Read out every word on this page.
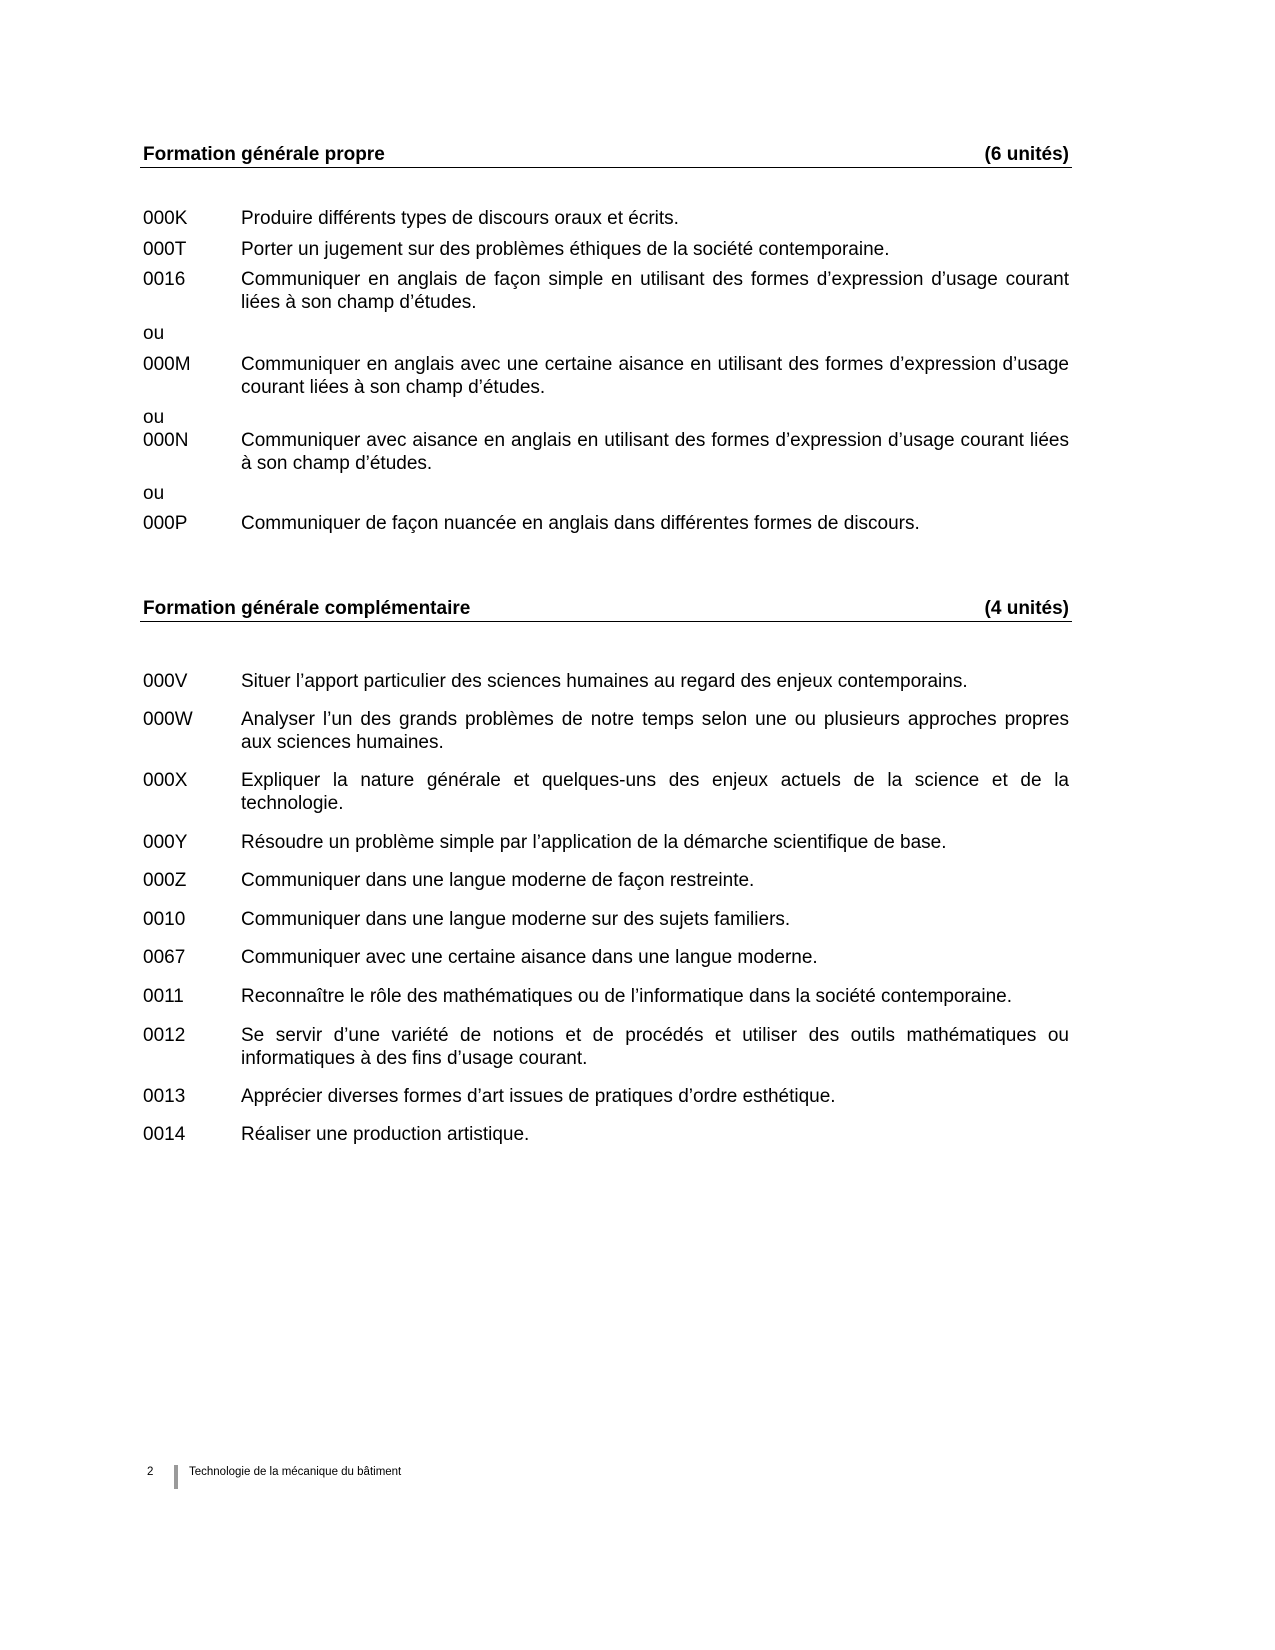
Formation générale propre	(6 unités)
000K	Produire différents types de discours oraux et écrits.
000T	Porter un jugement sur des problèmes éthiques de la société contemporaine.
0016	Communiquer en anglais de façon simple en utilisant des formes d’expression d’usage courant liées à son champ d’études.
ou
000M	Communiquer en anglais avec une certaine aisance en utilisant des formes d’expression d’usage courant liées à son champ d’études.
ou
000N	Communiquer avec aisance en anglais en utilisant des formes d’expression d’usage courant liées à son champ d’études.
ou
000P	Communiquer de façon nuancée en anglais dans différentes formes de discours.
Formation générale complémentaire	(4 unités)
000V	Situer l’apport particulier des sciences humaines au regard des enjeux contemporains.
000W	Analyser l’un des grands problèmes de notre temps selon une ou plusieurs approches propres aux sciences humaines.
000X	Expliquer la nature générale et quelques-uns des enjeux actuels de la science et de la technologie.
000Y	Résoudre un problème simple par l’application de la démarche scientifique de base.
000Z	Communiquer dans une langue moderne de façon restreinte.
0010	Communiquer dans une langue moderne sur des sujets familiers.
0067	Communiquer avec une certaine aisance dans une langue moderne.
0011	Reconnaître le rôle des mathématiques ou de l’informatique dans la société contemporaine.
0012	Se servir d’une variété de notions et de procédés et utiliser des outils mathématiques ou informatiques à des fins d’usage courant.
0013	Apprécier diverses formes d’art issues de pratiques d’ordre esthétique.
0014	Réaliser une production artistique.
2	Technologie de la mécanique du bâtiment
